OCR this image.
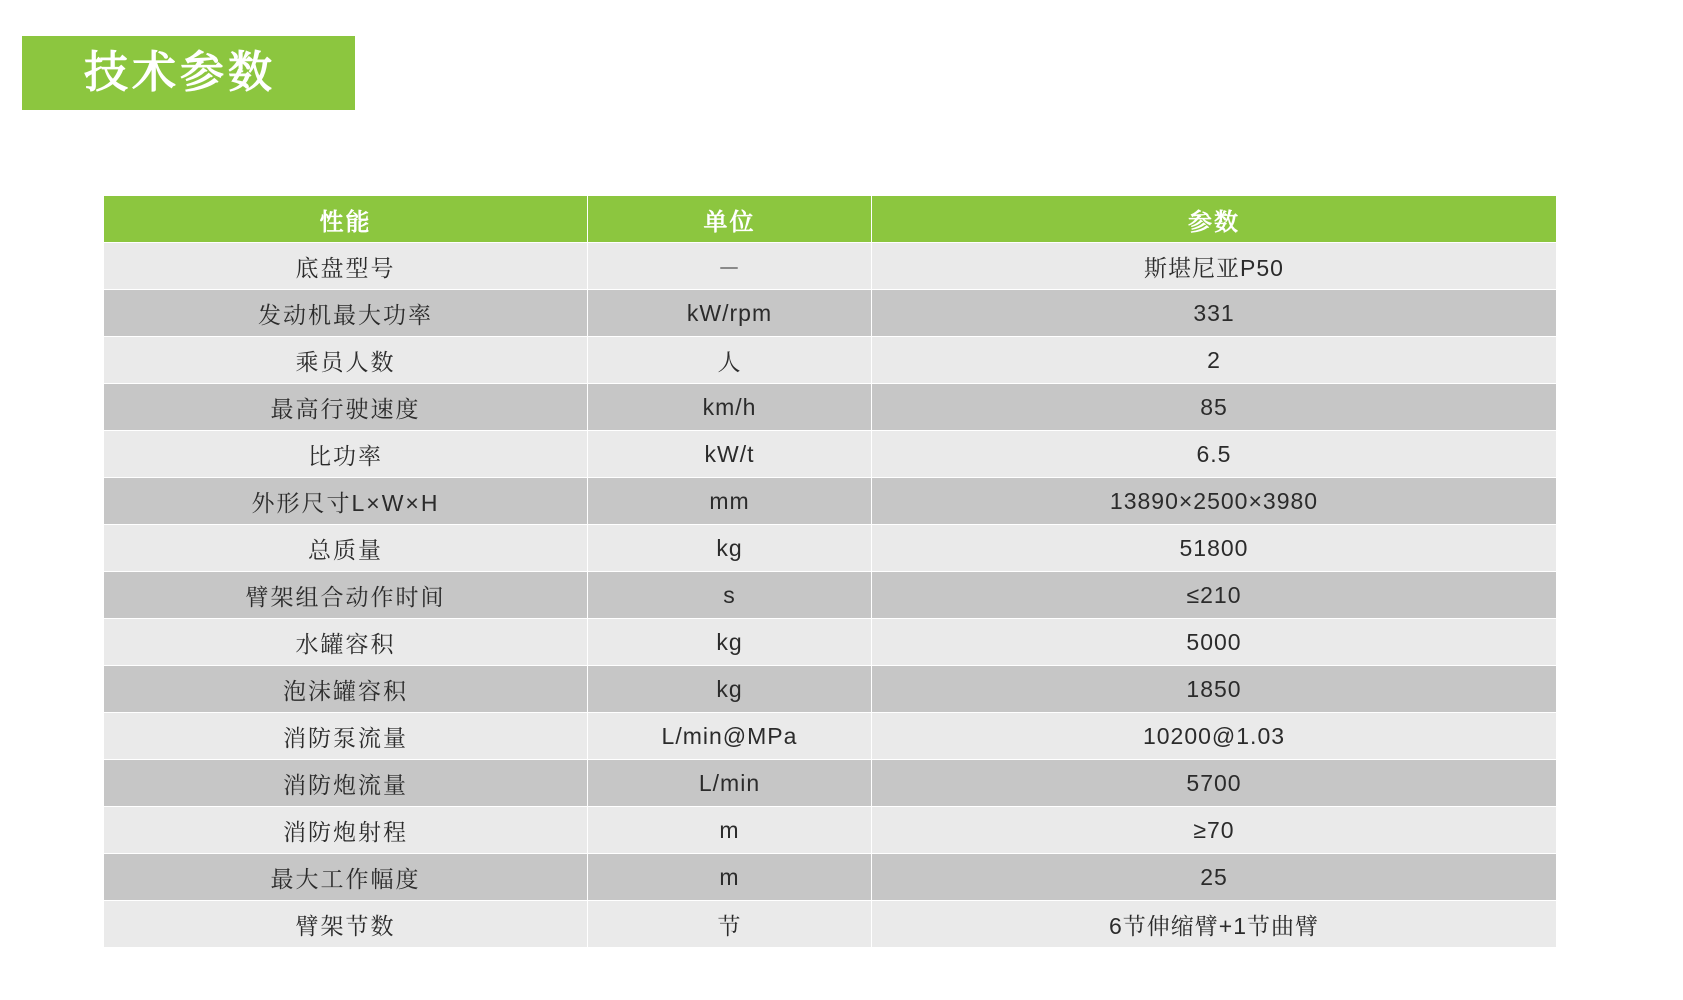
技术参数
性能	单位	参数
底盘型号	－	斯堪尼亚P50
发动机最大功率	kW/rpm	331
乘员人数	人	2
最高行驶速度	km/h	85
比功率	kW/t	6.5
外形尺寸L×W×H	mm	13890×2500×3980
总质量	kg	51800
臂架组合动作时间	s	≤210
水罐容积	kg	5000
泡沫罐容积	kg	1850
消防泵流量	L/min@MPa	10200@1.03
消防炮流量	L/min	5700
消防炮射程	m	≥70
最大工作幅度	m	25
臂架节数	节	6节伸缩臂+1节曲臂
